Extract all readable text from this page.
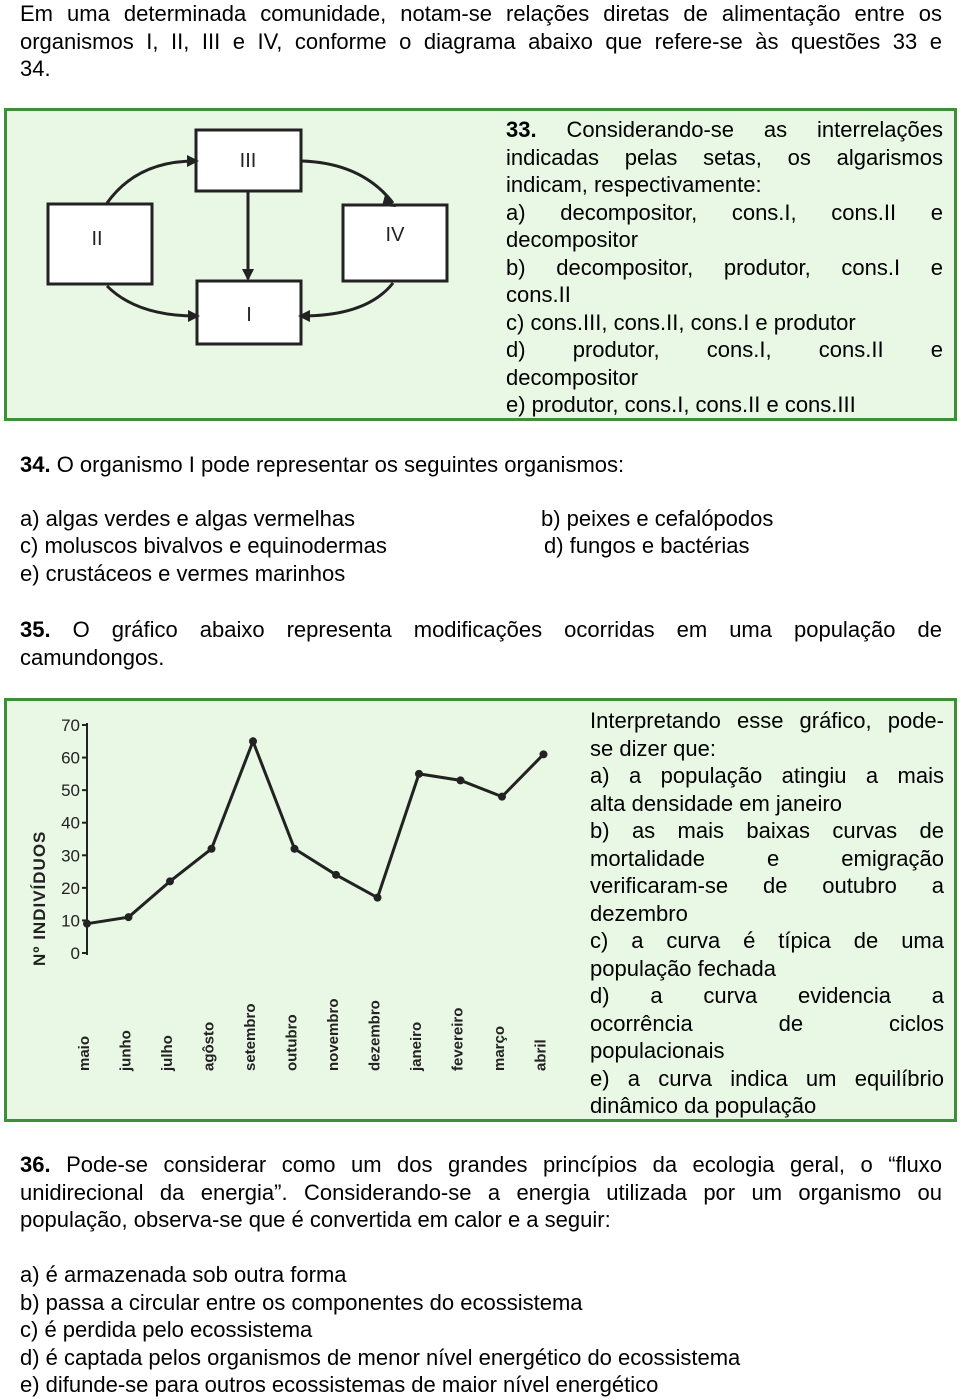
Em uma determinada comunidade, notam-se relações diretas de alimentação entre os
organismos I, II, III e IV, conforme o diagrama abaixo que refere-se às questões 33 e
34.
III
II	IV
I
33. Considerando-se as interrelações
indicadas pelas setas, os algarismos
indicam, respectivamente:
a) decompositor, cons.I, cons.II e
decompositor
b) decompositor, produtor, cons.I e
cons.II
c) cons.III, cons.II, cons.I e produtor
d) produtor, cons.I, cons.II e
decompositor
e) produtor, cons.I, cons.II e cons.III
34. O organismo I pode representar os seguintes organismos:
a) algas verdes e algas vermelhas	b) peixes e cefalópodos
c) moluscos bivalvos e equinodermas	d) fungos e bactérias
e) crustáceos e vermes marinhos
35. O gráfico abaixo representa modificações ocorridas em uma população de
camundongos.
Nº INDIVÍDUOS 0
10
20
30
40
50
60
70
maio junho julho agôsto setembro outubro novembro dezembro janeiro fevereiro março abril
Interpretando esse gráfico, pode-
se dizer que:
a) a população atingiu a mais
alta densidade em janeiro
b) as mais baixas curvas de
mortalidade e emigração
verificaram-se de outubro a
dezembro
c) a curva é típica de uma
população fechada
d) a curva evidencia a
ocorrência de ciclos
populacionais
e) a curva indica um equilíbrio
dinâmico da população
36. Pode-se considerar como um dos grandes princípios da ecologia geral, o “fluxo
unidirecional da energia”. Considerando-se a energia utilizada por um organismo ou
população, observa-se que é convertida em calor e a seguir:
a) é armazenada sob outra forma
b) passa a circular entre os componentes do ecossistema
c) é perdida pelo ecossistema
d) é captada pelos organismos de menor nível energético do ecossistema
e) difunde-se para outros ecossistemas de maior nível energético
